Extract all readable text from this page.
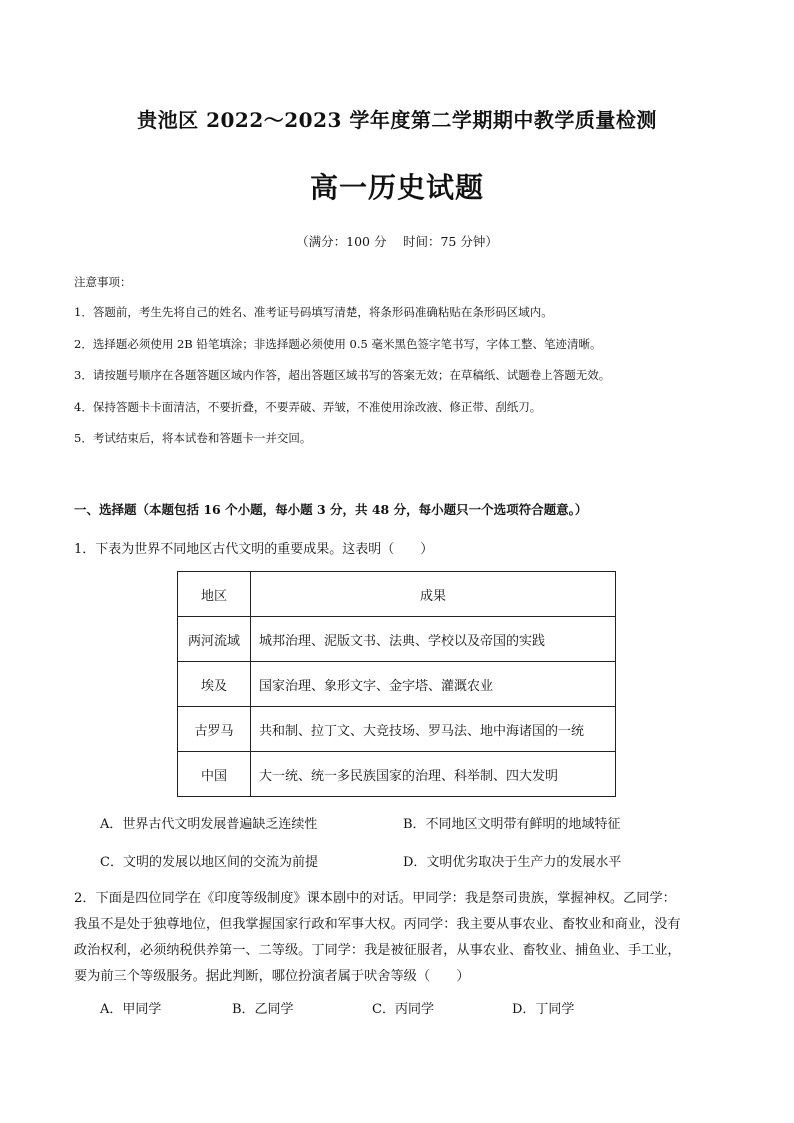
贵池区 2022～2023 学年度第二学期期中教学质量检测
高一历史试题
（满分：100 分　 时间：75 分钟）
注意事项：
1．答题前，考生先将自己的姓名、准考证号码填写清楚，将条形码准确粘贴在条形码区域内。
2．选择题必须使用 2B 铅笔填涂；非选择题必须使用 0.5 毫米黑色签字笔书写，字体工整、笔迹清晰。
3．请按题号顺序在各题答题区域内作答，超出答题区域书写的答案无效；在草稿纸、试题卷上答题无效。
4．保持答题卡卡面清洁，不要折叠，不要弄破、弄皱，不准使用涂改液、修正带、刮纸刀。
5．考试结束后，将本试卷和答题卡一并交回。
一、选择题（本题包括 16 个小题，每小题 3 分，共 48 分，每小题只一个选项符合题意。）
1．下表为世界不同地区古代文明的重要成果。这表明（　　）
地区	成果
两河流域	城邦治理、泥版文书、法典、学校以及帝国的实践
埃及	国家治理、象形文字、金字塔、灌溉农业
古罗马	共和制、拉丁文、大竞技场、罗马法、地中海诸国的一统
中国	大一统、统一多民族国家的治理、科举制、四大发明
A．世界古代文明发展普遍缺乏连续性	B．不同地区文明带有鲜明的地域特征
C．文明的发展以地区间的交流为前提	D．文明优劣取决于生产力的发展水平

2．下面是四位同学在《印度等级制度》课本剧中的对话。甲同学：我是祭司贵族，掌握神权。乙同学：

我虽不是处于独尊地位，但我掌握国家行政和军事大权。丙同学：我主要从事农业、畜牧业和商业，没有

政治权利，必须纳税供养第一、二等级。丁同学：我是被征服者，从事农业、畜牧业、捕鱼业、手工业，

要为前三个等级服务。据此判断，哪位扮演者属于吠舍等级（　　）

A．甲同学	B．乙同学	C．丙同学	D．丁同学
